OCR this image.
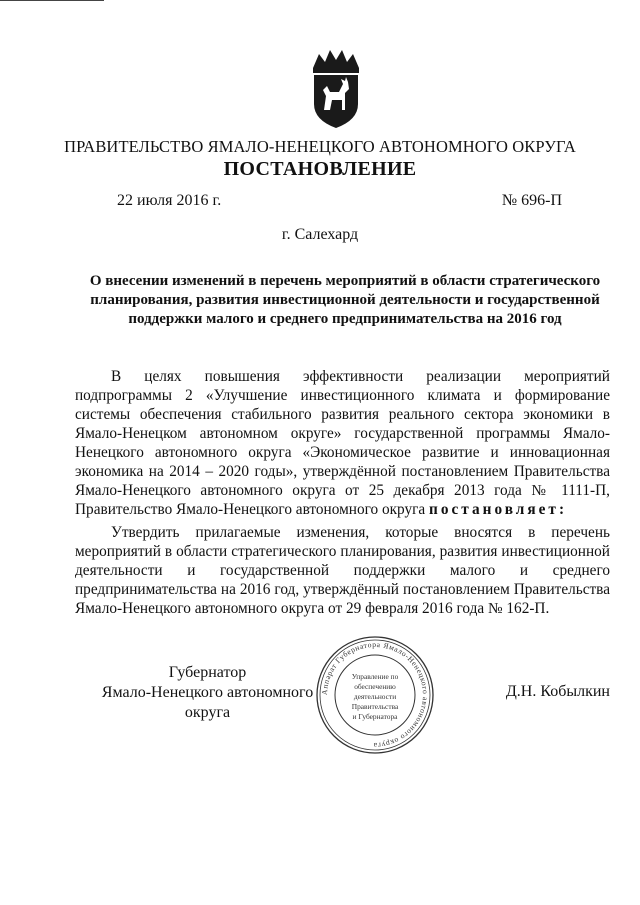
ПРАВИТЕЛЬСТВО ЯМАЛО-НЕНЕЦКОГО АВТОНОМНОГО ОКРУГА
ПОСТАНОВЛЕНИЕ
22 июля 2016 г.	№ 696-П
г. Салехард
О внесении изменений в перечень мероприятий в области стратегического планирования, развития инвестиционной деятельности и государственной поддержки малого и среднего предпринимательства на 2016 год
В целях повышения эффективности реализации мероприятий подпрограммы 2 «Улучшение инвестиционного климата и формирование системы обеспечения стабильного развития реального сектора экономики в Ямало-Ненецком автономном округе» государственной программы Ямало-Ненецкого автономного округа «Экономическое развитие и инновационная экономика на 2014 – 2020 годы», утверждённой постановлением Правительства Ямало-Ненецкого автономного округа от 25 декабря 2013 года № 1111-П, Правительство Ямало-Ненецкого автономного округа постановляет:
Утвердить прилагаемые изменения, которые вносятся в перечень мероприятий в области стратегического планирования, развития инвестиционной деятельности и государственной поддержки малого и среднего предпринимательства на 2016 год, утверждённый постановлением Правительства Ямало-Ненецкого автономного округа от 29 февраля 2016 года № 162-П.
Губернатор
Ямало-Ненецкого автономного округа
Д.Н. Кобылкин
Аппарат Губернатора Ямало-Ненецкого автономного округа
Управление по
обеспечению
деятельности
Правительства
и Губернатора
